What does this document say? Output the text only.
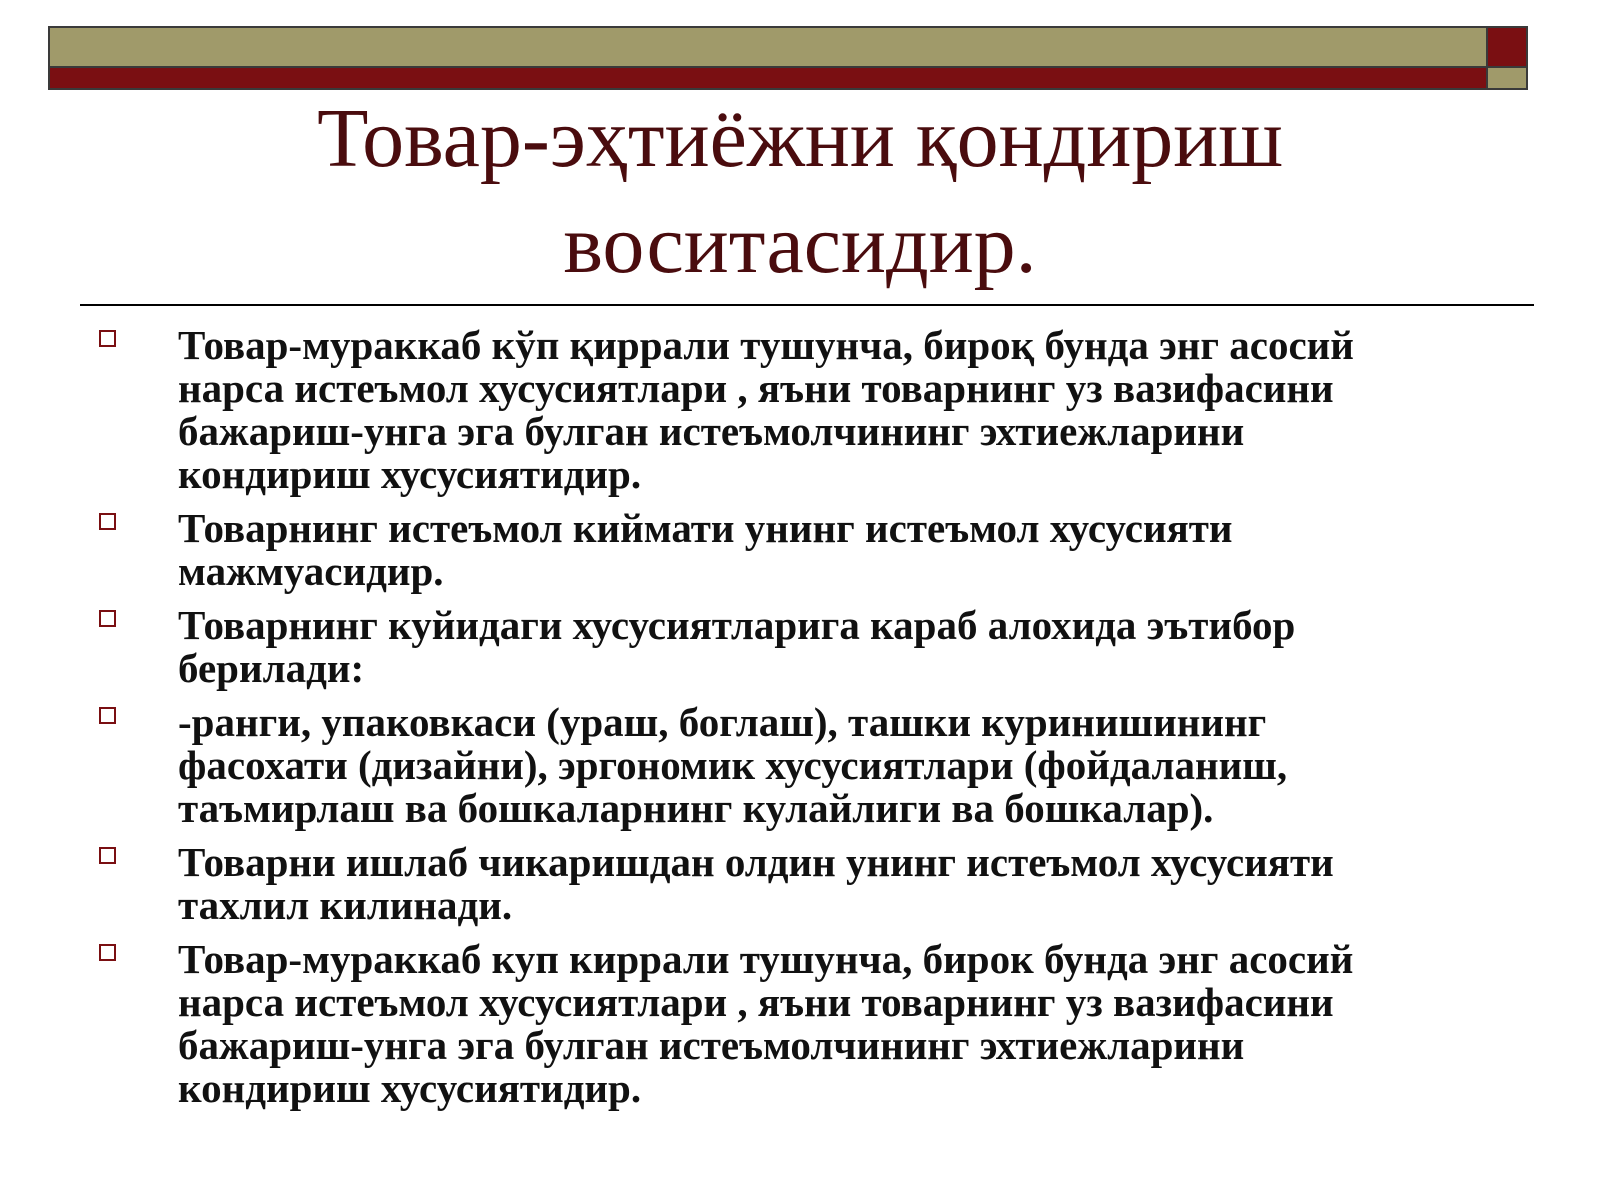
Товар-эҳтиёжни қондириш
воситасидир.
Товар-мураккаб кўп қиррали тушунча, бироқ бунда энг асосий
нарса истеъмол хусусиятлари , яъни товарнинг уз вазифасини
бажариш-унга эга булган истеъмолчининг эхтиежларини
кондириш хусусиятидир.
Товарнинг истеъмол киймати унинг истеъмол хусусияти
мажмуасидир.
Товарнинг куйидаги хусусиятларига караб алохида эътибор
берилади:
-ранги, упаковкаси (ураш, боглаш), ташки куринишининг
фасохати (дизайни), эргономик хусусиятлари (фойдаланиш,
таъмирлаш ва бошкаларнинг кулайлиги ва бошкалар).
Товарни ишлаб чикаришдан олдин унинг истеъмол хусусияти
тахлил килинади.
Товар-мураккаб куп киррали тушунча, бирок бунда энг асосий
нарса истеъмол хусусиятлари , яъни товарнинг уз вазифасини
бажариш-унга эга булган истеъмолчининг эхтиежларини
кондириш хусусиятидир.
